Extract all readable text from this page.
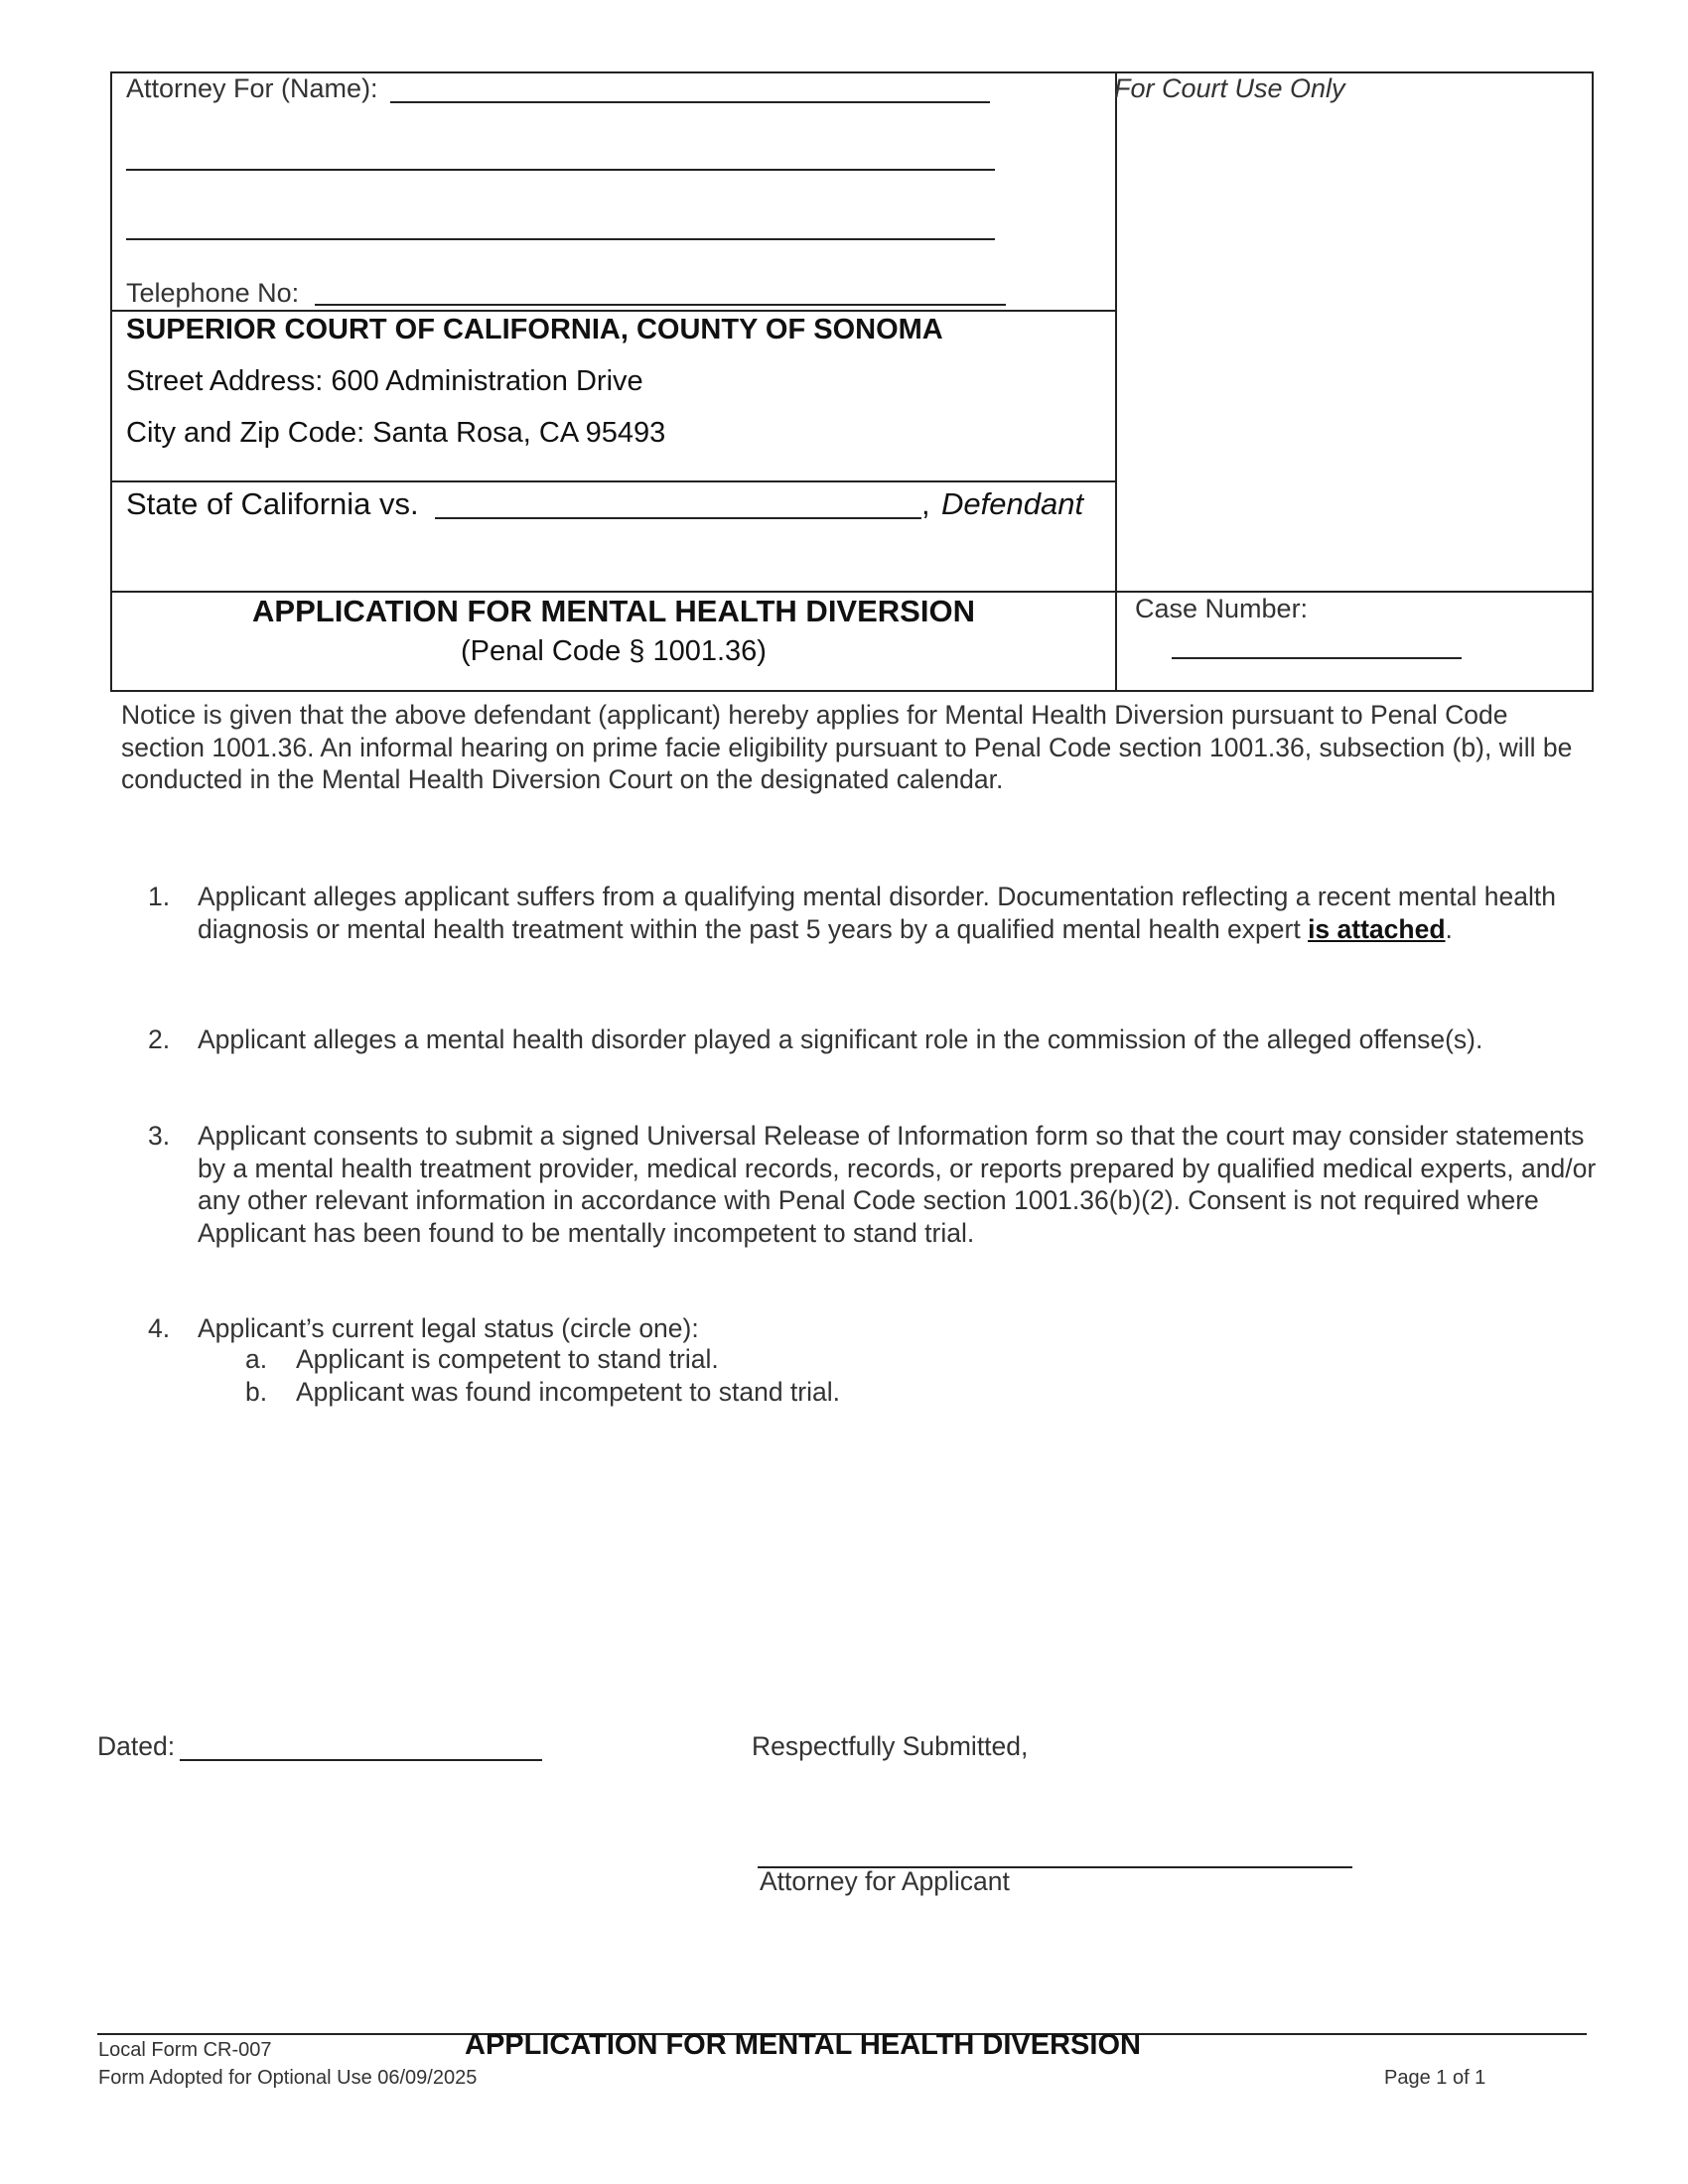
Attorney For (Name):
Telephone No:
For Court Use Only
SUPERIOR COURT OF CALIFORNIA, COUNTY OF SONOMA
Street Address: 600 Administration Drive
City and Zip Code: Santa Rosa, CA 95493
State of California vs.	, Defendant
APPLICATION FOR MENTAL HEALTH DIVERSION
(Penal Code § 1001.36)
Case Number:
Notice is given that the above defendant (applicant) hereby applies for Mental Health Diversion pursuant to Penal Code section 1001.36. An informal hearing on prime facie eligibility pursuant to Penal Code section 1001.36, subsection (b), will be conducted in the Mental Health Diversion Court on the designated calendar.
1.	Applicant alleges applicant suffers from a qualifying mental disorder. Documentation reflecting a recent mental health diagnosis or mental health treatment within the past 5 years by a qualified mental health expert is attached.
2.	Applicant alleges a mental health disorder played a significant role in the commission of the alleged offense(s).
3.	Applicant consents to submit a signed Universal Release of Information form so that the court may consider statements by a mental health treatment provider, medical records, records, or reports prepared by qualified medical experts, and/or any other relevant information in accordance with Penal Code section 1001.36(b)(2). Consent is not required where Applicant has been found to be mentally incompetent to stand trial.
4.	Applicant’s current legal status (circle one):
a. Applicant is competent to stand trial.
b. Applicant was found incompetent to stand trial.
Dated:	Respectfully Submitted,
Attorney for Applicant
Local Form CR-007	APPLICATION FOR MENTAL HEALTH DIVERSION
Form Adopted for Optional Use 06/09/2025	Page 1 of 1
